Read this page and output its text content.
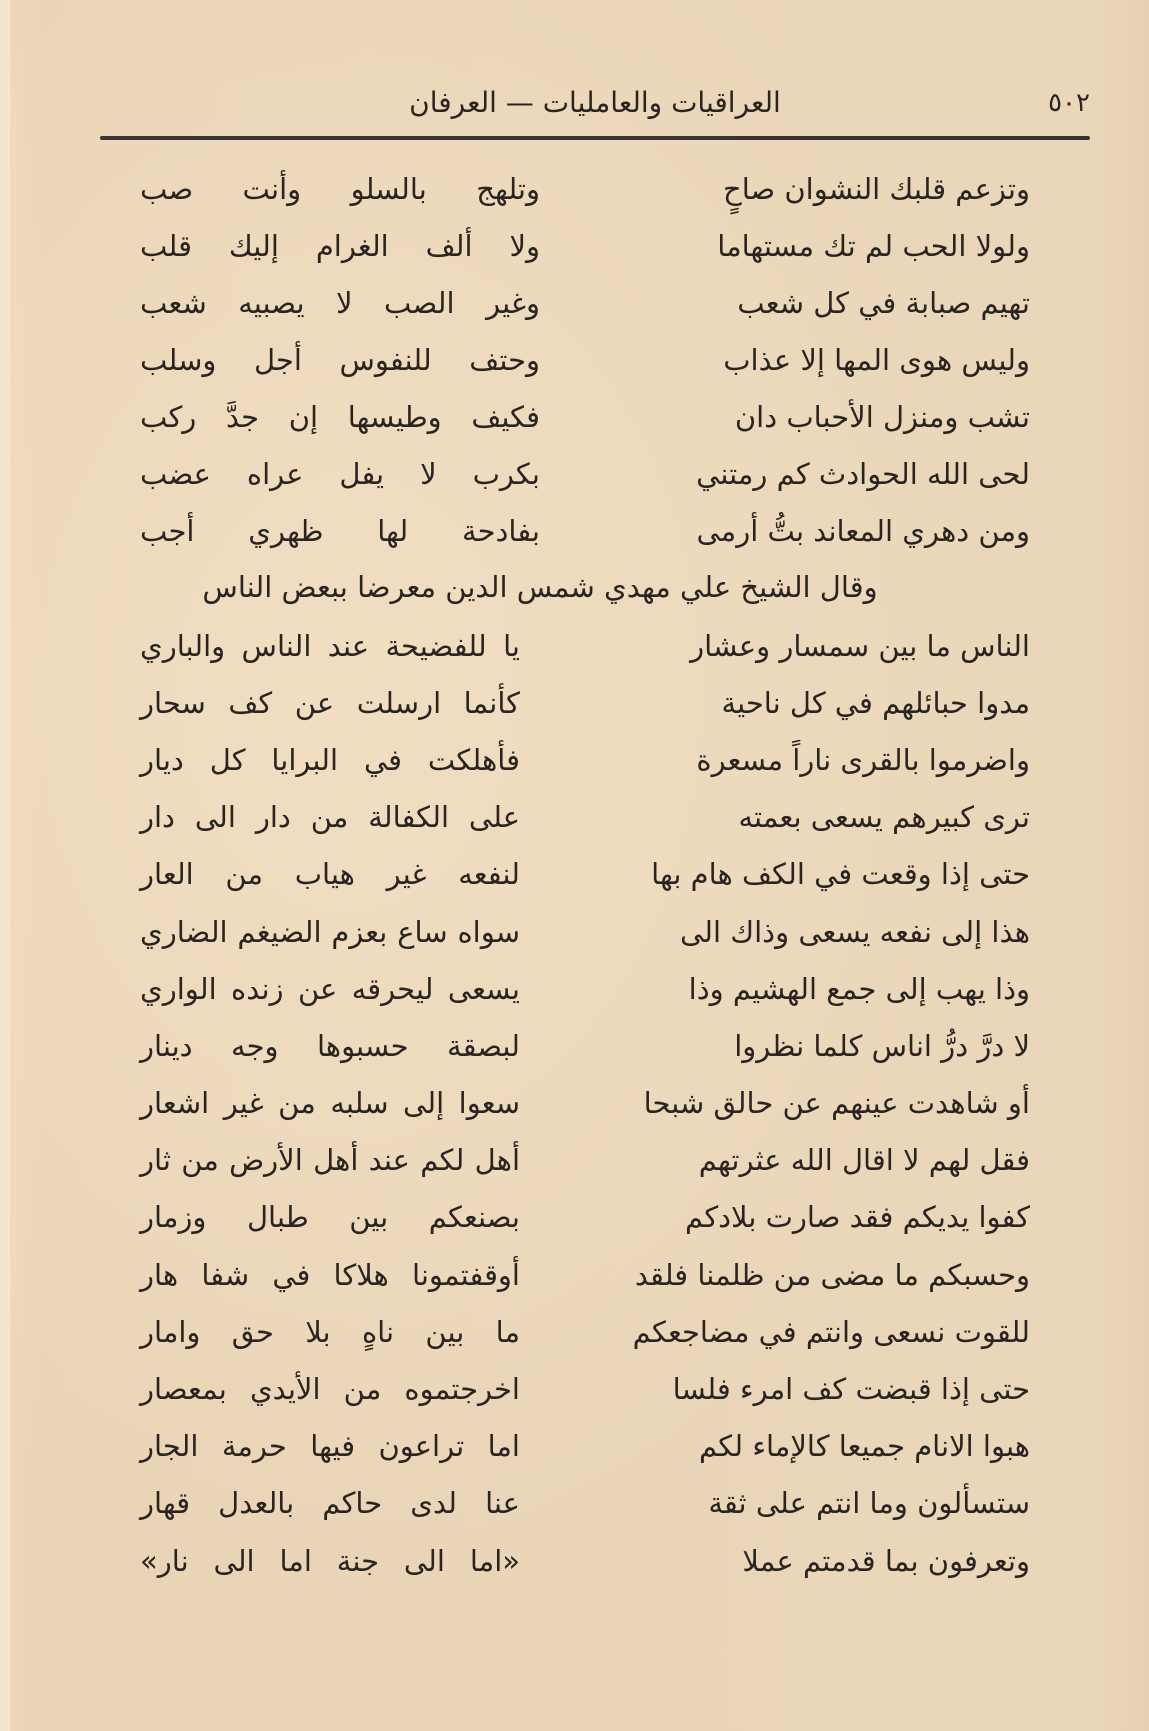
٥٠٢
العراقيات والعامليات — العرفان
وتزعم قلبك النشوان صاحٍ
وتلهج بالسلو وأنت صب
ولولا الحب لم تك مستهاما
ولا ألف الغرام إليك قلب
تهيم صبابة في كل شعب
وغير الصب لا يصبيه شعب
وليس هوى المها إلا عذاب
وحتف للنفوس أجل وسلب
تشب ومنزل الأحباب دان
فكيف وطيسها إن جدَّ ركب
لحى الله الحوادث كم رمتني
بكرب لا يفل عراه عضب
ومن دهري المعاند بتُّ أرمى
بفادحة لها ظهري أجب
وقال الشيخ علي مهدي شمس الدين معرضا ببعض الناس
الناس ما بين سمسار وعشار
يا للفضيحة عند الناس والباري
مدوا حبائلهم في كل ناحية
كأنما ارسلت عن كف سحار
واضرموا بالقرى ناراً مسعرة
فأهلكت في البرايا كل ديار
ترى كبيرهم يسعى بعمته
على الكفالة من دار الى دار
حتى إذا وقعت في الكف هام بها
لنفعه غير هياب من العار
هذا إلى نفعه يسعى وذاك الى
سواه ساع بعزم الضيغم الضاري
وذا يهب إلى جمع الهشيم وذا
يسعى ليحرقه عن زنده الواري
لا درَّ درُّ اناس كلما نظروا
لبصقة حسبوها وجه دينار
أو شاهدت عينهم عن حالق شبحا
سعوا إلى سلبه من غير اشعار
فقل لهم لا اقال الله عثرتهم
أهل لكم عند أهل الأرض من ثار
كفوا يديكم فقد صارت بلادكم
بصنعكم بين طبال وزمار
وحسبكم ما مضى من ظلمنا فلقد
أوقفتمونا هلاكا في شفا هار
للقوت نسعى وانتم في مضاجعكم
ما بين ناهٍ بلا حق وامار
حتى إذا قبضت كف امرء فلسا
اخرجتموه من الأيدي بمعصار
هبوا الانام جميعا كالإماء لكم
اما تراعون فيها حرمة الجار
ستسألون وما انتم على ثقة
عنا لدى حاكم بالعدل قهار
وتعرفون بما قدمتم عملا
«اما الى جنة اما الى نار»
